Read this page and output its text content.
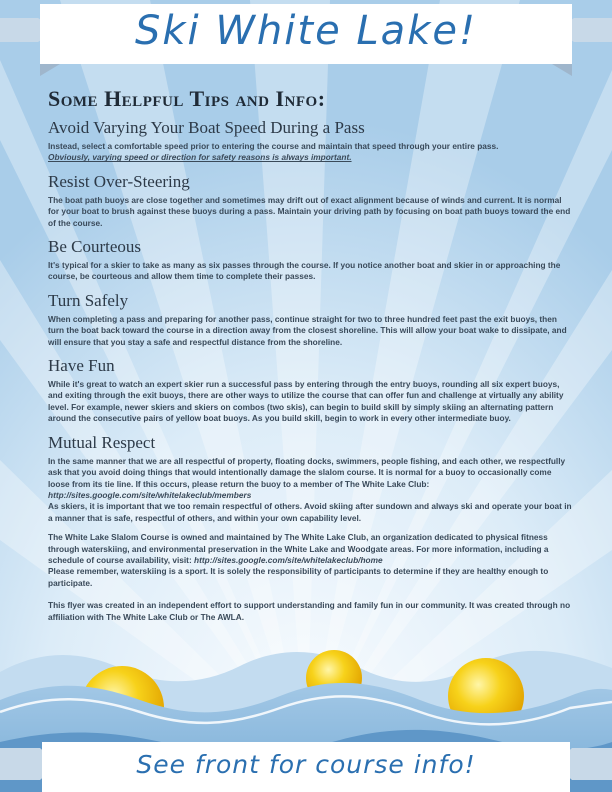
Ski White Lake!
Some Helpful Tips and Info:
Avoid Varying Your Boat Speed During a Pass

Instead, select a comfortable speed prior to entering the course and maintain that speed through your entire pass.
Obviously, varying speed or direction for safety reasons is always important.

Resist Over-Steering

The boat path buoys are close together and sometimes may drift out of exact alignment because of winds and current. It is normal for your boat to brush against these buoys during a pass. Maintain your driving path by focusing on boat path buoys toward the end of the course.

Be Courteous

It's typical for a skier to take as many as six passes through the course. If you notice another boat and skier in or approaching the course, be courteous and allow them time to complete their passes.

Turn Safely

When completing a pass and preparing for another pass, continue straight for two to three hundred feet past the exit buoys, then turn the boat back toward the course in a direction away from the closest shoreline. This will allow your boat wake to dissipate, and will ensure that you stay a safe and respectful distance from the shoreline.

Have Fun

While it's great to watch an expert skier run a successful pass by entering through the entry buoys, rounding all six expert buoys, and exiting through the exit buoys, there are other ways to utilize the course that can offer fun and challenge at virtually any ability level. For example, newer skiers and skiers on combos (two skis), can begin to build skill by simply skiing an alternating pattern around the consecutive pairs of yellow boat buoys. As you build skill, begin to work in every other intermediate buoy.

Mutual Respect

In the same manner that we are all respectful of property, floating docks, swimmers, people fishing, and each other, we respectfully ask that you avoid doing things that would intentionally damage the slalom course. It is normal for a buoy to occasionally come loose from its tie line. If this occurs, please return the buoy to a member of The White Lake Club:
http://sites.google.com/site/whitelakeclub/members
As skiers, it is important that we too remain respectful of others. Avoid skiing after sundown and always ski and operate your boat in a manner that is safe, respectful of others, and within your own capability level.

The White Lake Slalom Course is owned and maintained by The White Lake Club, an organization dedicated to physical fitness through waterskiing, and environmental preservation in the White Lake and Woodgate areas. For more information, including a schedule of course availability, visit: http://sites.google.com/site/whitelakeclub/home
Please remember, waterskiing is a sport. It is solely the responsibility of participants to determine if they are healthy enough to participate.

This flyer was created in an independent effort to support understanding and family fun in our community. It was created through no affiliation with The White Lake Club or The AWLA.

See front for course info!
